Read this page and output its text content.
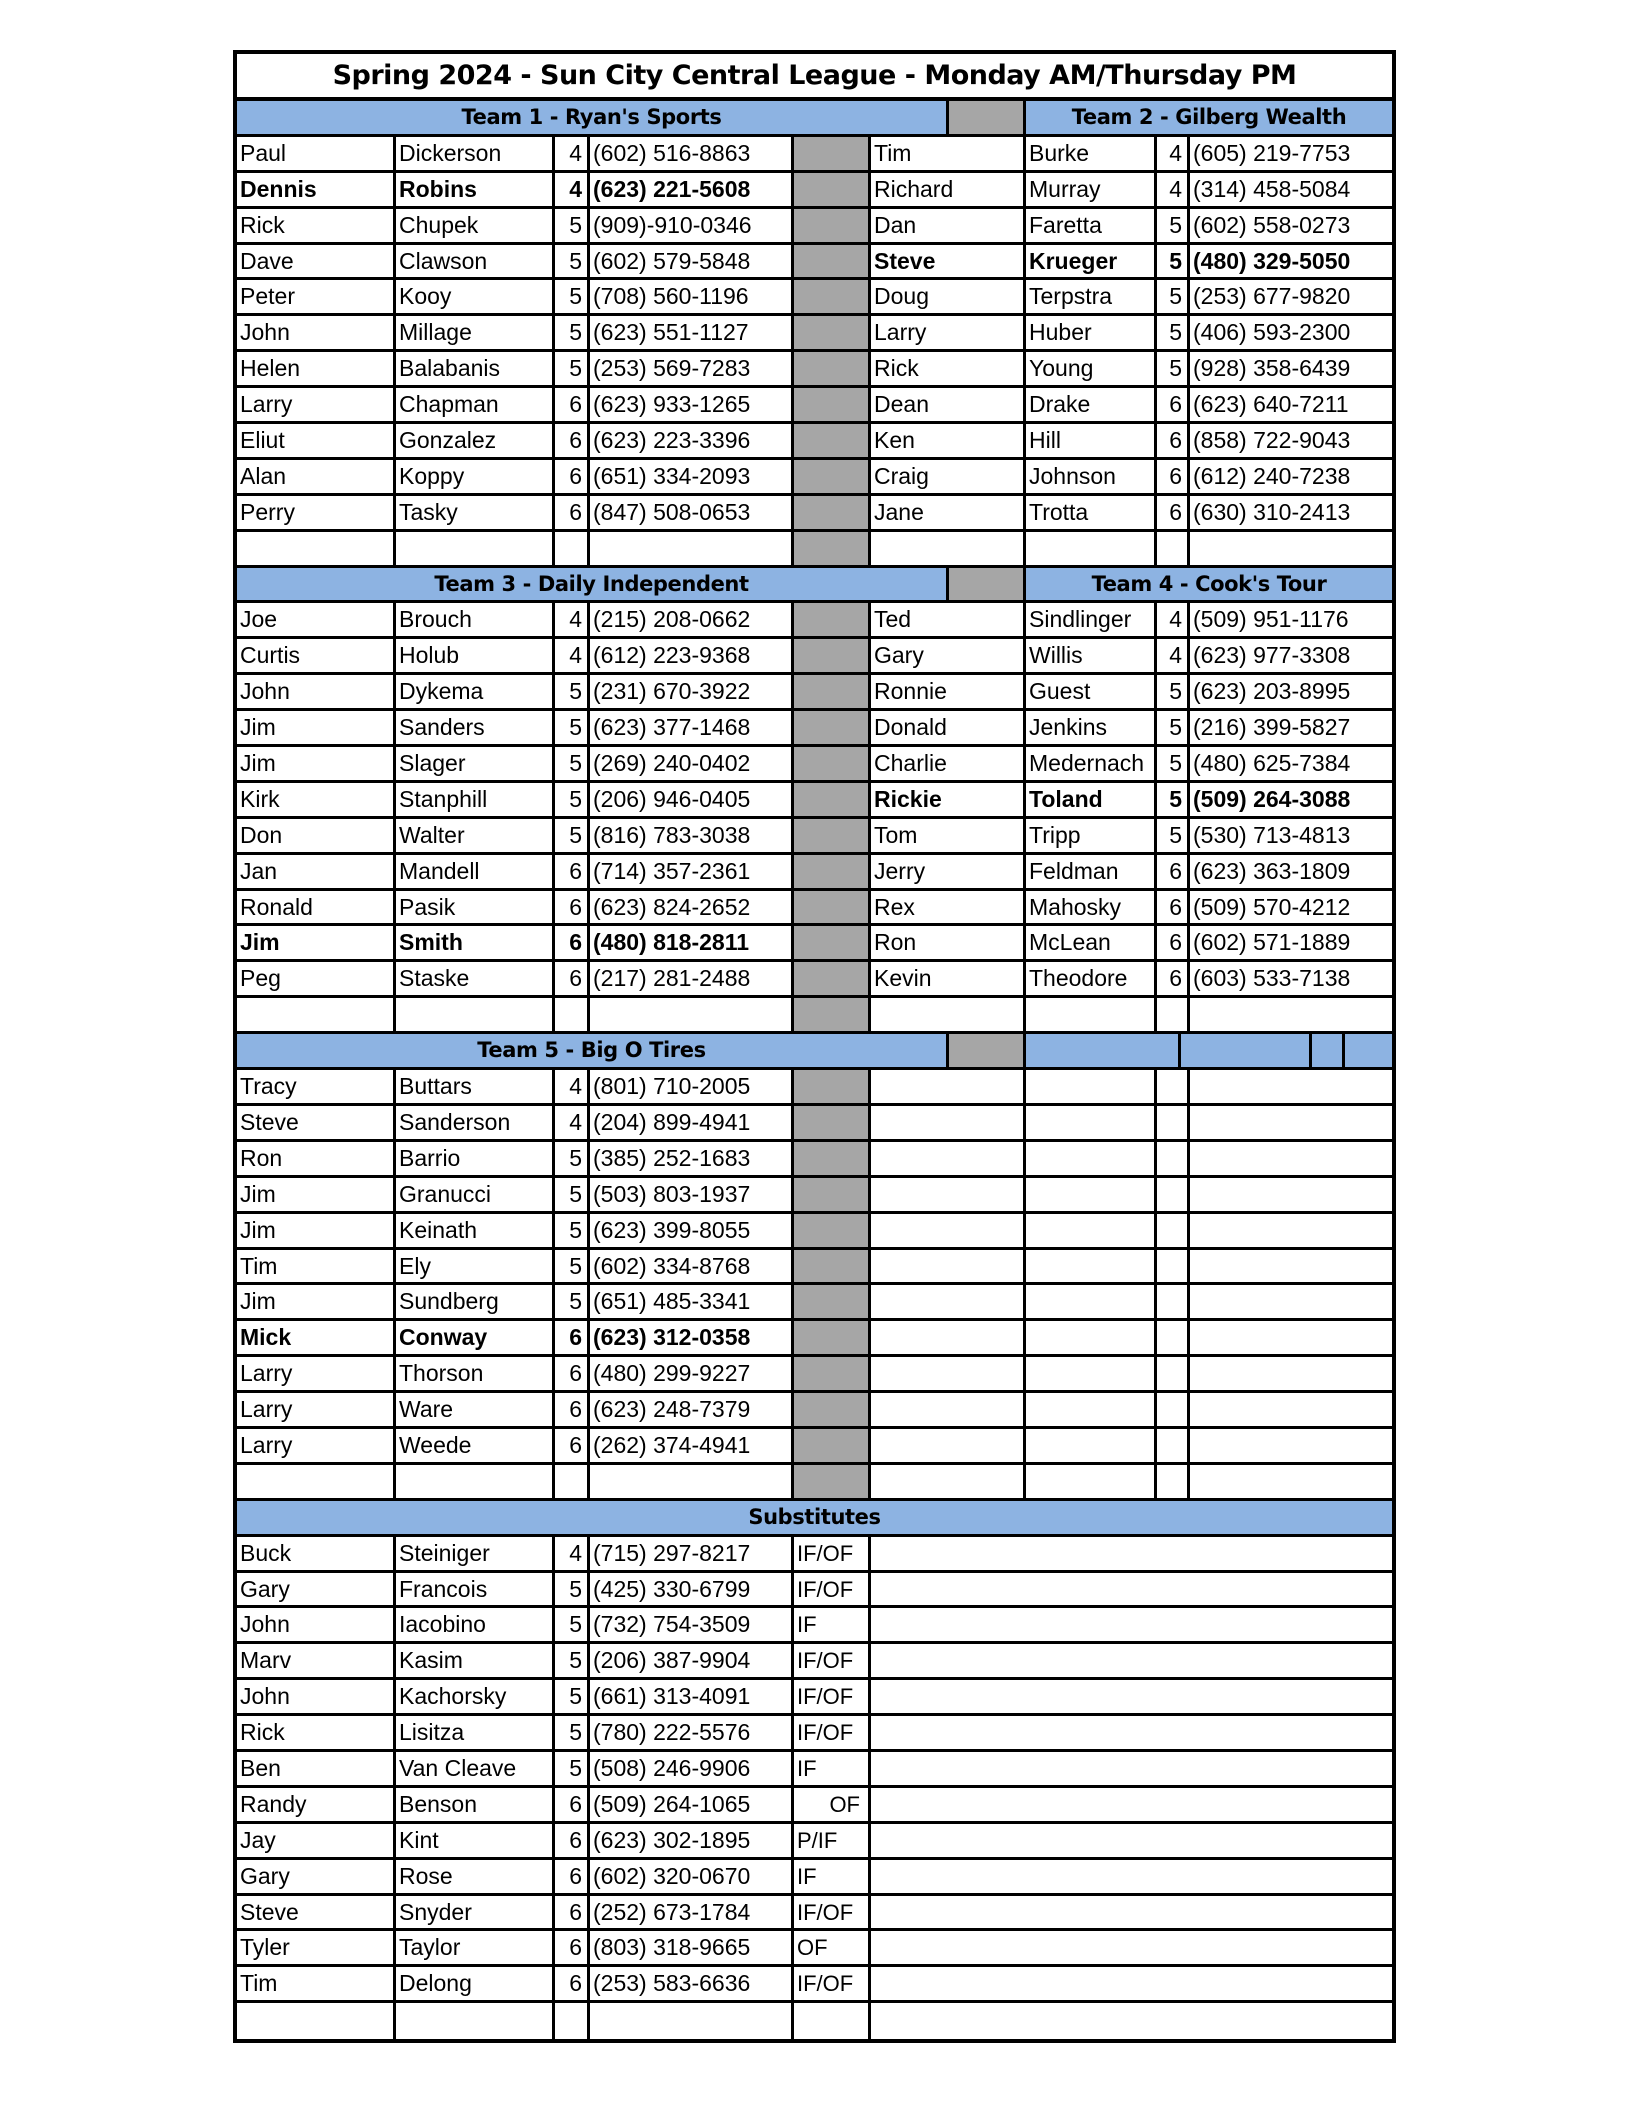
Spring 2024 - Sun City Central League - Monday AM/Thursday PM
Team 1 - Ryan's Sports	Team 2 - Gilberg Wealth
Paul	Dickerson	4 (602) 516-8863	Tim	Burke	4 (605) 219-7753
Dennis	Robins	4 (623) 221-5608	Richard	Murray	4 (314) 458-5084
Rick	Chupek	5 (909)-910-0346	Dan	Faretta	5 (602) 558-0273
Dave	Clawson	5 (602) 579-5848	Steve	Krueger	5 (480) 329-5050
Peter	Kooy	5 (708) 560-1196	Doug	Terpstra	5 (253) 677-9820
John	Millage	5 (623) 551-1127	Larry	Huber	5 (406) 593-2300
Helen	Balabanis	5 (253) 569-7283	Rick	Young	5 (928) 358-6439
Larry	Chapman	6 (623) 933-1265	Dean	Drake	6 (623) 640-7211
Eliut	Gonzalez	6 (623) 223-3396	Ken	Hill	6 (858) 722-9043
Alan	Koppy	6 (651) 334-2093	Craig	Johnson	6 (612) 240-7238
Perry	Tasky	6 (847) 508-0653	Jane	Trotta	6 (630) 310-2413
Team 3 - Daily Independent	Team 4 - Cook's Tour
Joe	Brouch	4 (215) 208-0662	Ted	Sindlinger	4 (509) 951-1176
Curtis	Holub	4 (612) 223-9368	Gary	Willis	4 (623) 977-3308
John	Dykema	5 (231) 670-3922	Ronnie	Guest	5 (623) 203-8995
Jim	Sanders	5 (623) 377-1468	Donald	Jenkins	5 (216) 399-5827
Jim	Slager	5 (269) 240-0402	Charlie	Medernach	5 (480) 625-7384
Kirk	Stanphill	5 (206) 946-0405	Rickie	Toland	5 (509) 264-3088
Don	Walter	5 (816) 783-3038	Tom	Tripp	5 (530) 713-4813
Jan	Mandell	6 (714) 357-2361	Jerry	Feldman	6 (623) 363-1809
Ronald	Pasik	6 (623) 824-2652	Rex	Mahosky	6 (509) 570-4212
Jim	Smith	6 (480) 818-2811	Ron	McLean	6 (602) 571-1889
Peg	Staske	6 (217) 281-2488	Kevin	Theodore	6 (603) 533-7138
Team 5 - Big O Tires
Tracy	Buttars	4 (801) 710-2005
Steve	Sanderson	4 (204) 899-4941
Ron	Barrio	5 (385) 252-1683
Jim	Granucci	5 (503) 803-1937
Jim	Keinath	5 (623) 399-8055
Tim	Ely	5 (602) 334-8768
Jim	Sundberg	5 (651) 485-3341
Mick	Conway	6 (623) 312-0358
Larry	Thorson	6 (480) 299-9227
Larry	Ware	6 (623) 248-7379
Larry	Weede	6 (262) 374-4941
Substitutes
Buck	Steiniger	4 (715) 297-8217	IF/OF
Gary	Francois	5 (425) 330-6799	IF/OF
John	Iacobino	5 (732) 754-3509	IF
Marv	Kasim	5 (206) 387-9904	IF/OF
John	Kachorsky	5 (661) 313-4091	IF/OF
Rick	Lisitza	5 (780) 222-5576	IF/OF
Ben	Van Cleave	5 (508) 246-9906	IF
Randy	Benson	6 (509) 264-1065	OF
Jay	Kint	6 (623) 302-1895	P/IF
Gary	Rose	6 (602) 320-0670	IF
Steve	Snyder	6 (252) 673-1784	IF/OF
Tyler	Taylor	6 (803) 318-9665	OF
Tim	Delong	6 (253) 583-6636	IF/OF
